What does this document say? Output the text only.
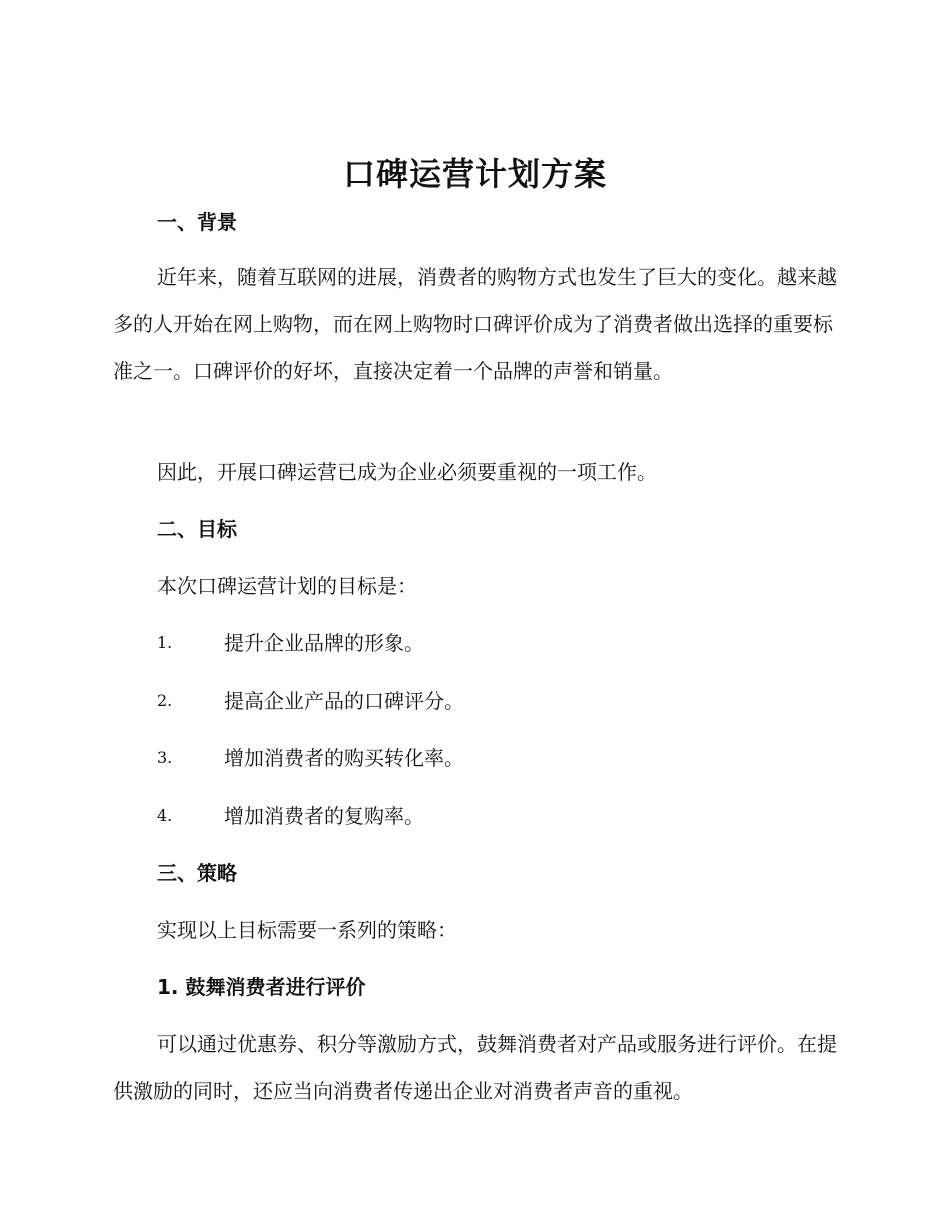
口碑运营计划方案
一、背景

近年来，随着互联网的进展，消费者的购物方式也发生了巨大的变化。越来越多的人开始在网上购物，而在网上购物时口碑评价成为了消费者做出选择的重要标准之一。口碑评价的好坏，直接决定着一个品牌的声誉和销量。

因此，开展口碑运营已成为企业必须要重视的一项工作。
二、目标
本次口碑运营计划的目标是：
1.	提升企业品牌的形象。
2.	提高企业产品的口碑评分。
3.	增加消费者的购买转化率。
4.	增加消费者的复购率。
三、策略
实现以上目标需要一系列的策略：
1. 鼓舞消费者进行评价

可以通过优惠券、积分等激励方式，鼓舞消费者对产品或服务进行评价。在提供激励的同时，还应当向消费者传递出企业对消费者声音的重视。
